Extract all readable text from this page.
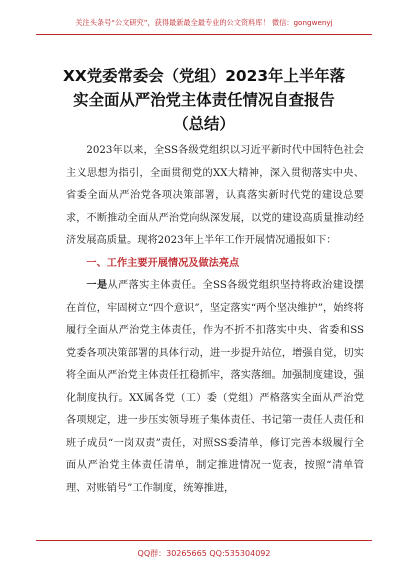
关注头条号“公文研究”，获得最新最全最专业的公文资料库！ 微信：gongwenyj
XX党委常委会（党组）2023年上半年落
实全面从严治党主体责任情况自查报告
（总结）

2023年以来，全SS各级党组织以习近平新时代中国特色社会主义思想为指引，全面贯彻党的XX大精神，深入贯彻落实中央、省委全面从严治党各项决策部署，认真落实新时代党的建设总要求，不断推动全面从严治党向纵深发展，以党的建设高质量推动经济发展高质量。现将2023年上半年工作开展情况通报如下：

一、工作主要开展情况及做法亮点

一是从严落实主体责任。全SS各级党组织坚持将政治建设摆在首位，牢固树立“四个意识”，坚定落实“两个坚决维护”，始终将履行全面从严治党主体责任，作为不折不扣落实中央、省委和SS党委各项决策部署的具体行动，进一步提升站位，增强自觉，切实将全面从严治党主体责任扛稳抓牢，落实落细。加强制度建设，强化制度执行。XX属各党（工）委（党组）严格落实全面从严治党各项规定，进一步压实领导班子集体责任、书记第一责任人责任和班子成员“一岗双责”责任，对照SS委清单，修订完善本级履行全面从严治党主体责任清单，制定推进情况一览表，按照“清单管理、对账销号”工作制度，统筹推进，

QQ群：30265665 QQ:535304092
